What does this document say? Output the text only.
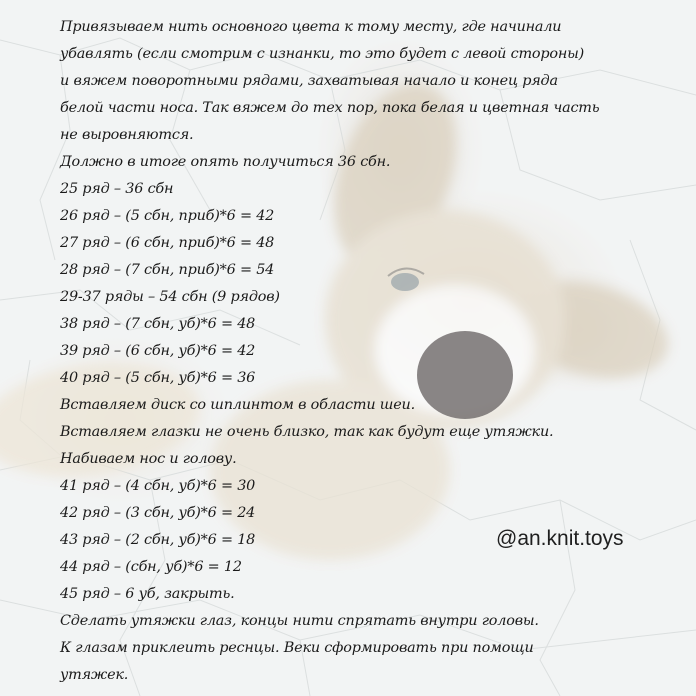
Привязываем нить основного цвета к тому месту, где начинали
убавлять (если смотрим с изнанки, то это будет с левой стороны)
и вяжем поворотными рядами, захватывая начало и конец ряда
белой части носа. Так вяжем до тех пор, пока белая и цветная часть
не выровняются.
Должно в итоге опять получиться 36 сбн.
25 ряд – 36 сбн
26 ряд – (5 сбн, приб)*6 = 42
27 ряд – (6 сбн, приб)*6 = 48
28 ряд – (7 сбн, приб)*6 = 54
29-37 ряды – 54 сбн (9 рядов)
38 ряд – (7 сбн, уб)*6 = 48
39 ряд – (6 сбн, уб)*6 = 42
40 ряд – (5 сбн, уб)*6 = 36
Вставляем диск со шплинтом в области шеи.
Вставляем глазки не очень близко, так как будут еще утяжки.
Набиваем нос и голову.
41 ряд – (4 сбн, уб)*6 = 30
42 ряд – (3 сбн, уб)*6 = 24
43 ряд – (2 сбн, уб)*6 = 18
44 ряд – (сбн, уб)*6 = 12
45 ряд – 6 уб, закрыть.
Сделать утяжки глаз, концы нити спрятать внутри головы.
К глазам приклеить реснцы. Веки сформировать при помощи
утяжек.
@an.knit.toys
